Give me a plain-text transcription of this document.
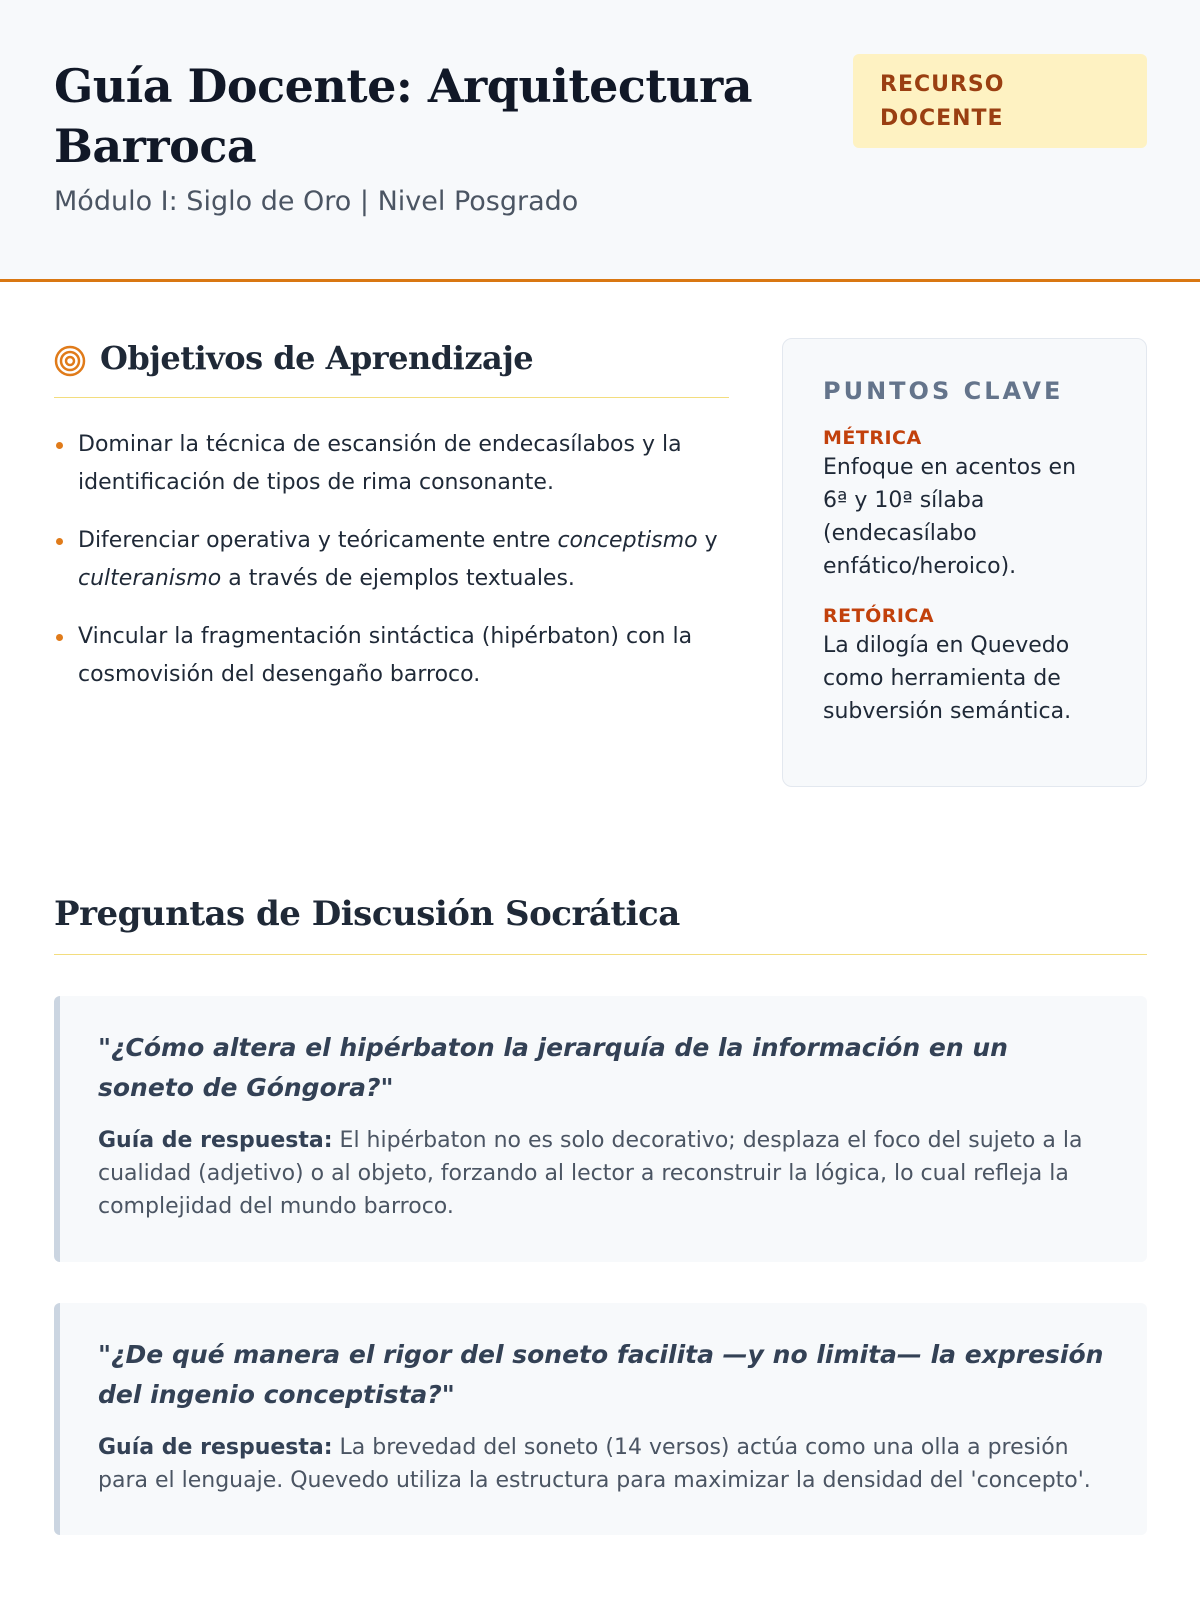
Guía Docente: Arquitectura Barroca
Módulo I: Siglo de Oro | Nivel Posgrado
RECURSO DOCENTE
Objetivos de Aprendizaje
Dominar la técnica de escansión de endecasílabos y la identificación de tipos de rima consonante.
Diferenciar operativa y teóricamente entre conceptismo y culteranismo a través de ejemplos textuales.
Vincular la fragmentación sintáctica (hipérbaton) con la cosmovisión del desengaño barroco.
PUNTOS CLAVE
MÉTRICA
Enfoque en acentos en 6ª y 10ª sílaba (endecasílabo enfático/heroico).
RETÓRICA
La dilogía en Quevedo como herramienta de subversión semántica.
Preguntas de Discusión Socrática
"¿Cómo altera el hipérbaton la jerarquía de la información en un soneto de Góngora?"
Guía de respuesta: El hipérbaton no es solo decorativo; desplaza el foco del sujeto a la cualidad (adjetivo) o al objeto, forzando al lector a reconstruir la lógica, lo cual refleja la complejidad del mundo barroco.
"¿De qué manera el rigor del soneto facilita —y no limita— la expresión del ingenio conceptista?"
Guía de respuesta: La brevedad del soneto (14 versos) actúa como una olla a presión para el lenguaje. Quevedo utiliza la estructura para maximizar la densidad del 'concepto'.
